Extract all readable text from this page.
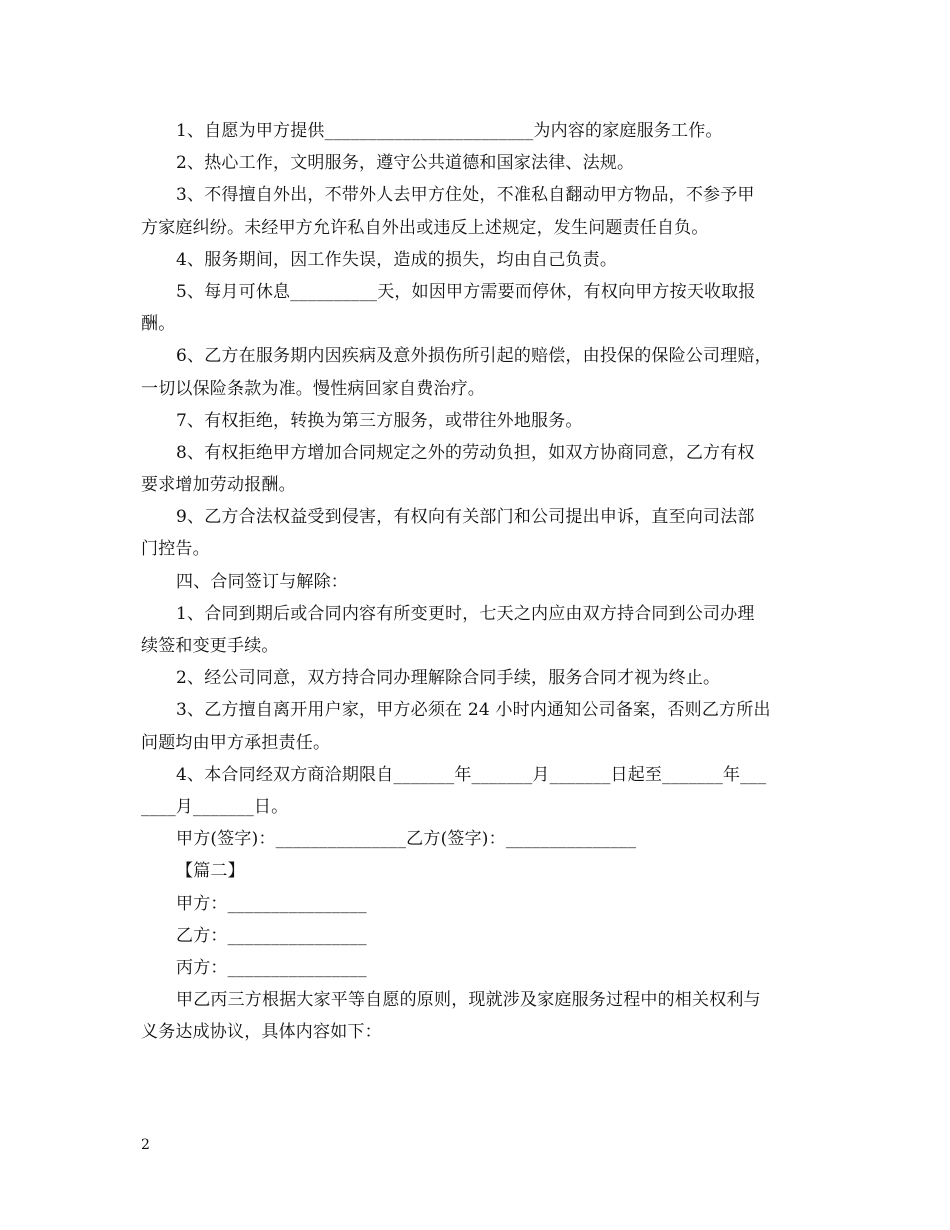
1、自愿为甲方提供________________________为内容的家庭服务工作。
2、热心工作，文明服务，遵守公共道德和国家法律、法规。
3、不得擅自外出，不带外人去甲方住处，不准私自翻动甲方物品，不参予甲
方家庭纠纷。未经甲方允许私自外出或违反上述规定，发生问题责任自负。
4、服务期间，因工作失误，造成的损失，均由自己负责。
5、每月可休息__________天，如因甲方需要而停休，有权向甲方按天收取报
酬。
6、乙方在服务期内因疾病及意外损伤所引起的赔偿，由投保的保险公司理赔，
一切以保险条款为准。慢性病回家自费治疗。
7、有权拒绝，转换为第三方服务，或带往外地服务。
8、有权拒绝甲方增加合同规定之外的劳动负担，如双方协商同意，乙方有权
要求增加劳动报酬。
9、乙方合法权益受到侵害，有权向有关部门和公司提出申诉，直至向司法部
门控告。
四、合同签订与解除：
1、合同到期后或合同内容有所变更时，七天之内应由双方持合同到公司办理
续签和变更手续。
2、经公司同意，双方持合同办理解除合同手续，服务合同才视为终止。
3、乙方擅自离开用户家，甲方必须在 24 小时内通知公司备案，否则乙方所出
问题均由甲方承担责任。
4、本合同经双方商洽期限自_______年_______月_______日起至_______年___
____月_______日。
甲方(签字)：_______________乙方(签字)：_______________
【篇二】
甲方：________________
乙方：________________
丙方：________________
甲乙丙三方根据大家平等自愿的原则，现就涉及家庭服务过程中的相关权利与
义务达成协议，具体内容如下：
2
